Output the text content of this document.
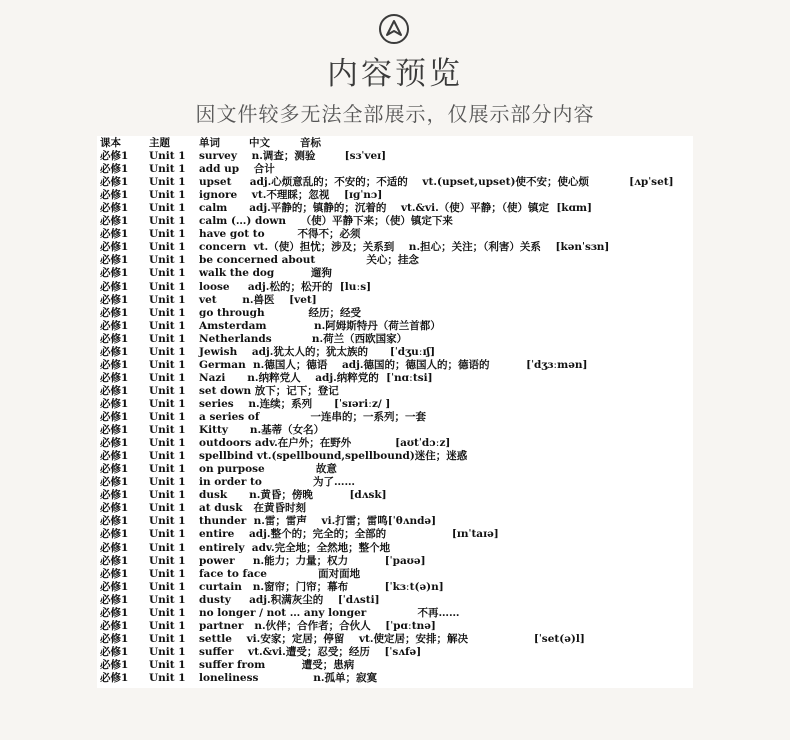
内容预览
因文件较多无法全部展示，仅展示部分内容
课本	主题	单词	中文	音标
必修1 Unit 1 survey    n.调查；测验        [sɜˈveɪ]
必修1 Unit 1 add up    合计
必修1 Unit 1 upset     adj.心烦意乱的；不安的；不适的    vt.(upset,upset)使不安；使心烦           [ʌpˈset]
必修1 Unit 1 ignore    vt.不理睬；忽视    [ɪɡˈnɔ]
必修1 Unit 1 calm      adj.平静的；镇静的；沉着的    vt.&vi.（使）平静；（使）镇定  [kɑm]
必修1 Unit 1 calm (…) down    （使）平静下来；（使）镇定下来
必修1 Unit 1 have got to         不得不；必须
必修1 Unit 1 concern  vt.（使）担忧；涉及；关系到    n.担心；关注；（利害）关系    [kənˈsɜn]
必修1 Unit 1 be concerned about              关心；挂念
必修1 Unit 1 walk the dog          遛狗
必修1 Unit 1 loose     adj.松的；松开的  [luːs]
必修1 Unit 1 vet       n.兽医    [vet]
必修1 Unit 1 go through            经历；经受
必修1 Unit 1 Amsterdam             n.阿姆斯特丹（荷兰首都）
必修1 Unit 1 Netherlands           n.荷兰（西欧国家）
必修1 Unit 1 Jewish    adj.犹太人的；犹太族的      [ˈdʒuːɪʃ]
必修1 Unit 1 German  n.德国人；德语    adj.德国的；德国人的；德语的          [ˈdʒɜːmən]
必修1 Unit 1 Nazi      n.纳粹党人    adj.纳粹党的  [ˈnɑːtsi]
必修1 Unit 1 set down 放下；记下；登记
必修1 Unit 1 series    n.连续；系列      [ˈsɪəriːz/ ]
必修1 Unit 1 a series of              一连串的；一系列；一套
必修1 Unit 1 Kitty      n.基蒂（女名）
必修1 Unit 1 outdoors adv.在户外；在野外            [aʊtˈdɔːz]
必修1 Unit 1 spellbind vt.(spellbound,spellbound)迷住；迷惑
必修1 Unit 1 on purpose              故意
必修1 Unit 1 in order to              为了……
必修1 Unit 1 dusk      n.黄昏；傍晚          [dʌsk]
必修1 Unit 1 at dusk   在黄昏时刻
必修1 Unit 1 thunder  n.雷；雷声    vi.打雷；雷鸣[ˈθʌndə]
必修1 Unit 1 entire    adj.整个的；完全的；全部的                  [ɪnˈtaɪə]
必修1 Unit 1 entirely  adv.完全地；全然地；整个地
必修1 Unit 1 power     n.能力；力量；权力          [ˈpaʊə]
必修1 Unit 1 face to face              面对面地
必修1 Unit 1 curtain   n.窗帘；门帘；幕布          [ˈkɜːt(ə)n]
必修1 Unit 1 dusty     adj.积满灰尘的    [ˈdʌsti]
必修1 Unit 1 no longer / not … any longer              不再……
必修1 Unit 1 partner   n.伙伴；合作者；合伙人    [ˈpɑːtnə]
必修1 Unit 1 settle    vi.安家；定居；停留    vt.使定居；安排；解决                  [ˈset(ə)l]
必修1 Unit 1 suffer    vt.&vi.遭受；忍受；经历    [ˈsʌfə]
必修1 Unit 1 suffer from          遭受；患病
必修1 Unit 1 loneliness               n.孤单；寂寞
